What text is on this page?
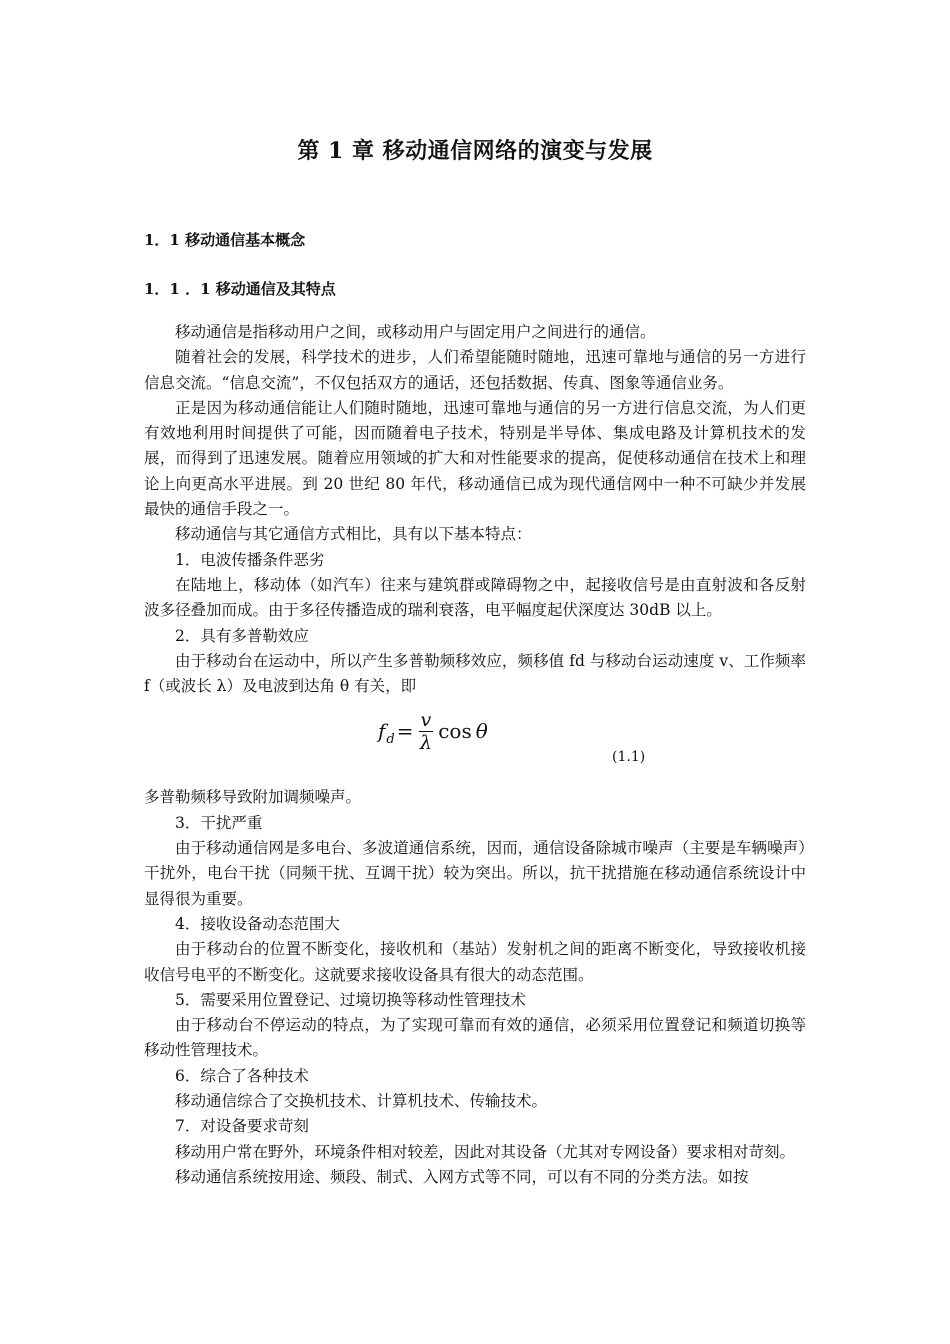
第 1 章 移动通信网络的演变与发展
1．1 移动通信基本概念
1．1 ．1 移动通信及其特点

移动通信是指移动用户之间，或移动用户与固定用户之间进行的通信。

随着社会的发展，科学技术的进步，人们希望能随时随地，迅速可靠地与通信的另一方进行信息交流。“信息交流”，不仅包括双方的通话，还包括数据、传真、图象等通信业务。

正是因为移动通信能让人们随时随地，迅速可靠地与通信的另一方进行信息交流，为人们更有效地利用时间提供了可能，因而随着电子技术，特别是半导体、集成电路及计算机技术的发展，而得到了迅速发展。随着应用领域的扩大和对性能要求的提高，促使移动通信在技术上和理论上向更高水平进展。到 20 世纪 80 年代，移动通信已成为现代通信网中一种不可缺少并发展最快的通信手段之一。

移动通信与其它通信方式相比，具有以下基本特点：

1．电波传播条件恶劣

在陆地上，移动体（如汽车）往来与建筑群或障碍物之中，起接收信号是由直射波和各反射波多径叠加而成。由于多径传播造成的瑞利衰落，电平幅度起伏深度达 30dB 以上。

2．具有多普勒效应

由于移动台在运动中，所以产生多普勒频移效应，频移值 fd 与移动台运动速度 v、工作频率 f（或波长 λ）及电波到达角 θ 有关，即

f $d = \frac{v}{\lambda}$ cos θ
(1.1)

多普勒频移导致附加调频噪声。

3．干扰严重

由于移动通信网是多电台、多波道通信系统，因而，通信设备除城市噪声（主要是车辆噪声）干扰外，电台干扰（同频干扰、互调干扰）较为突出。所以，抗干扰措施在移动通信系统设计中显得很为重要。

4．接收设备动态范围大

由于移动台的位置不断变化，接收机和（基站）发射机之间的距离不断变化，导致接收机接收信号电平的不断变化。这就要求接收设备具有很大的动态范围。

5．需要采用位置登记、过境切换等移动性管理技术

由于移动台不停运动的特点，为了实现可靠而有效的通信，必须采用位置登记和频道切换等移动性管理技术。

6．综合了各种技术

移动通信综合了交换机技术、计算机技术、传输技术。

7．对设备要求苛刻

移动用户常在野外，环境条件相对较差，因此对其设备（尤其对专网设备）要求相对苛刻。

移动通信系统按用途、频段、制式、入网方式等不同，可以有不同的分类方法。如按
